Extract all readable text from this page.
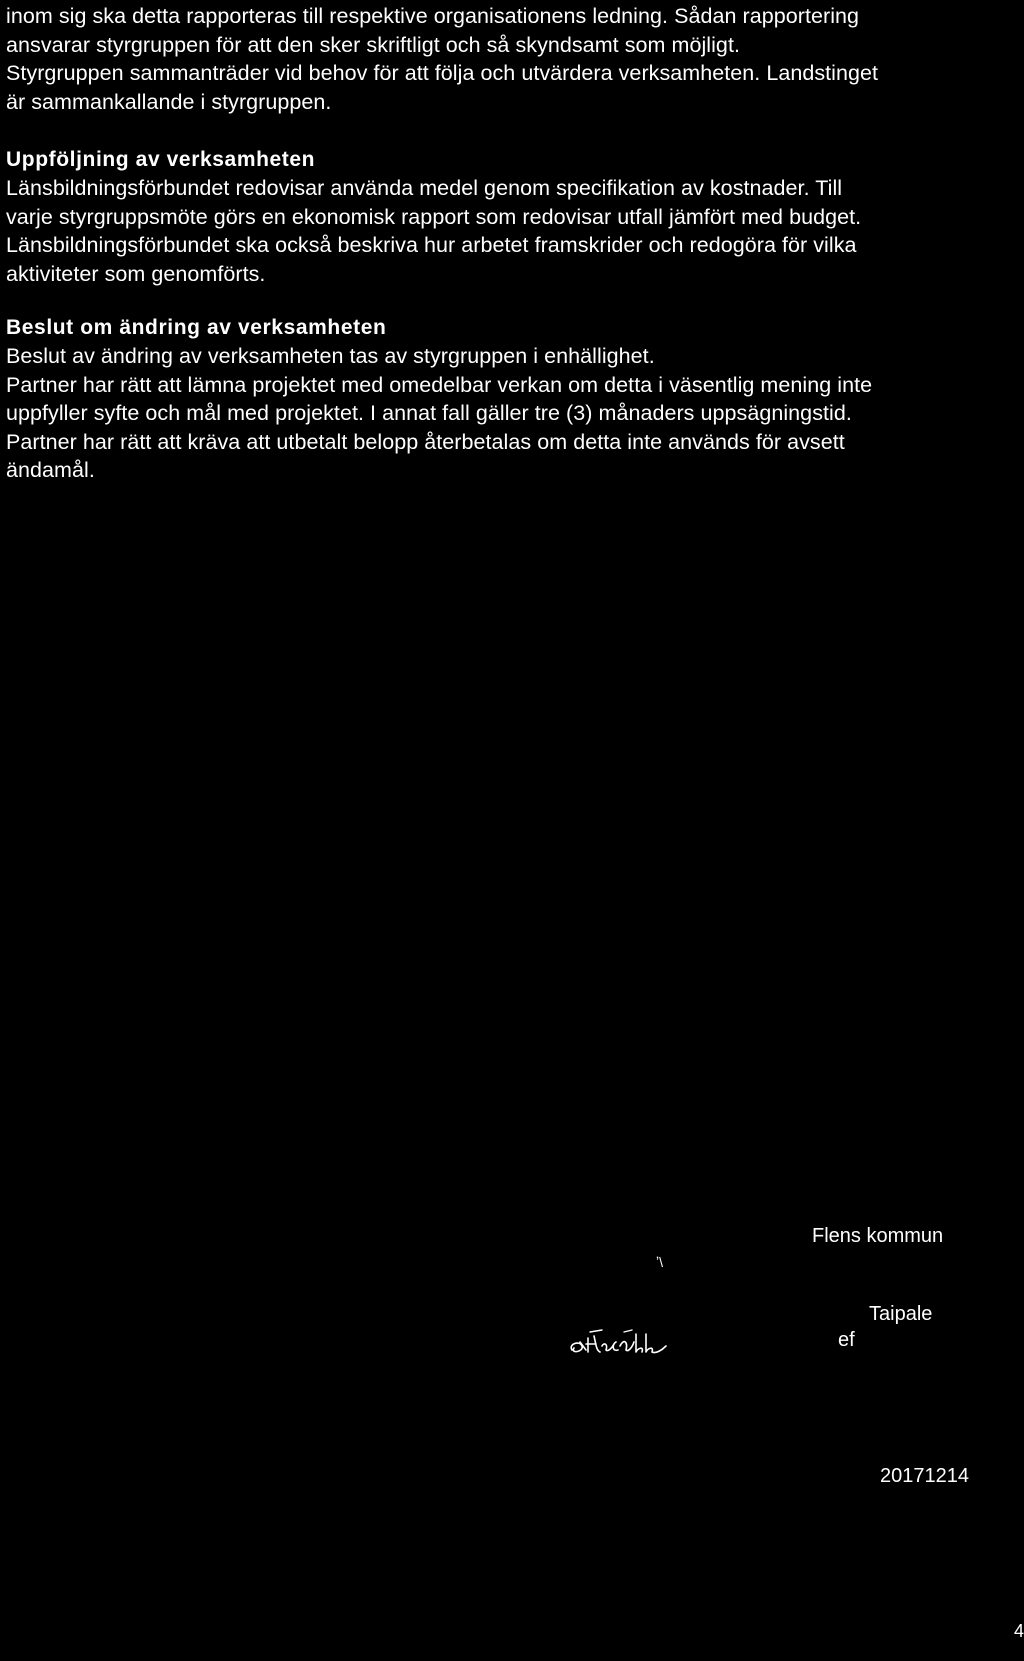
inom sig ska detta rapporteras till respektive organisationens ledning. Sådan rapportering
ansvarar styrgruppen för att den sker skriftligt och så skyndsamt som möjligt.
Styrgruppen sammanträder vid behov för att följa och utvärdera verksamheten. Landstinget
är sammankallande i styrgruppen.

Uppföljning av verksamheten

Länsbildningsförbundet redovisar använda medel genom specifikation av kostnader. Till
varje styrgruppsmöte görs en ekonomisk rapport som redovisar utfall jämfört med budget.
Länsbildningsförbundet ska också beskriva hur arbetet framskrider och redogöra för vilka
aktiviteter som genomförts.

Beslut om ändring av verksamheten

Beslut av ändring av verksamheten tas av styrgruppen i enhällighet.
Partner har rätt att lämna projektet med omedelbar verkan om detta i väsentlig mening inte
uppfyller syfte och mål med projektet. I annat fall gäller tre (3) månaders uppsägningstid.
Partner har rätt att kräva att utbetalt belopp återbetalas om detta inte används för avsett
ändamål.

Flens kommun
ʼ\
Taipale
ef
20171214
4
